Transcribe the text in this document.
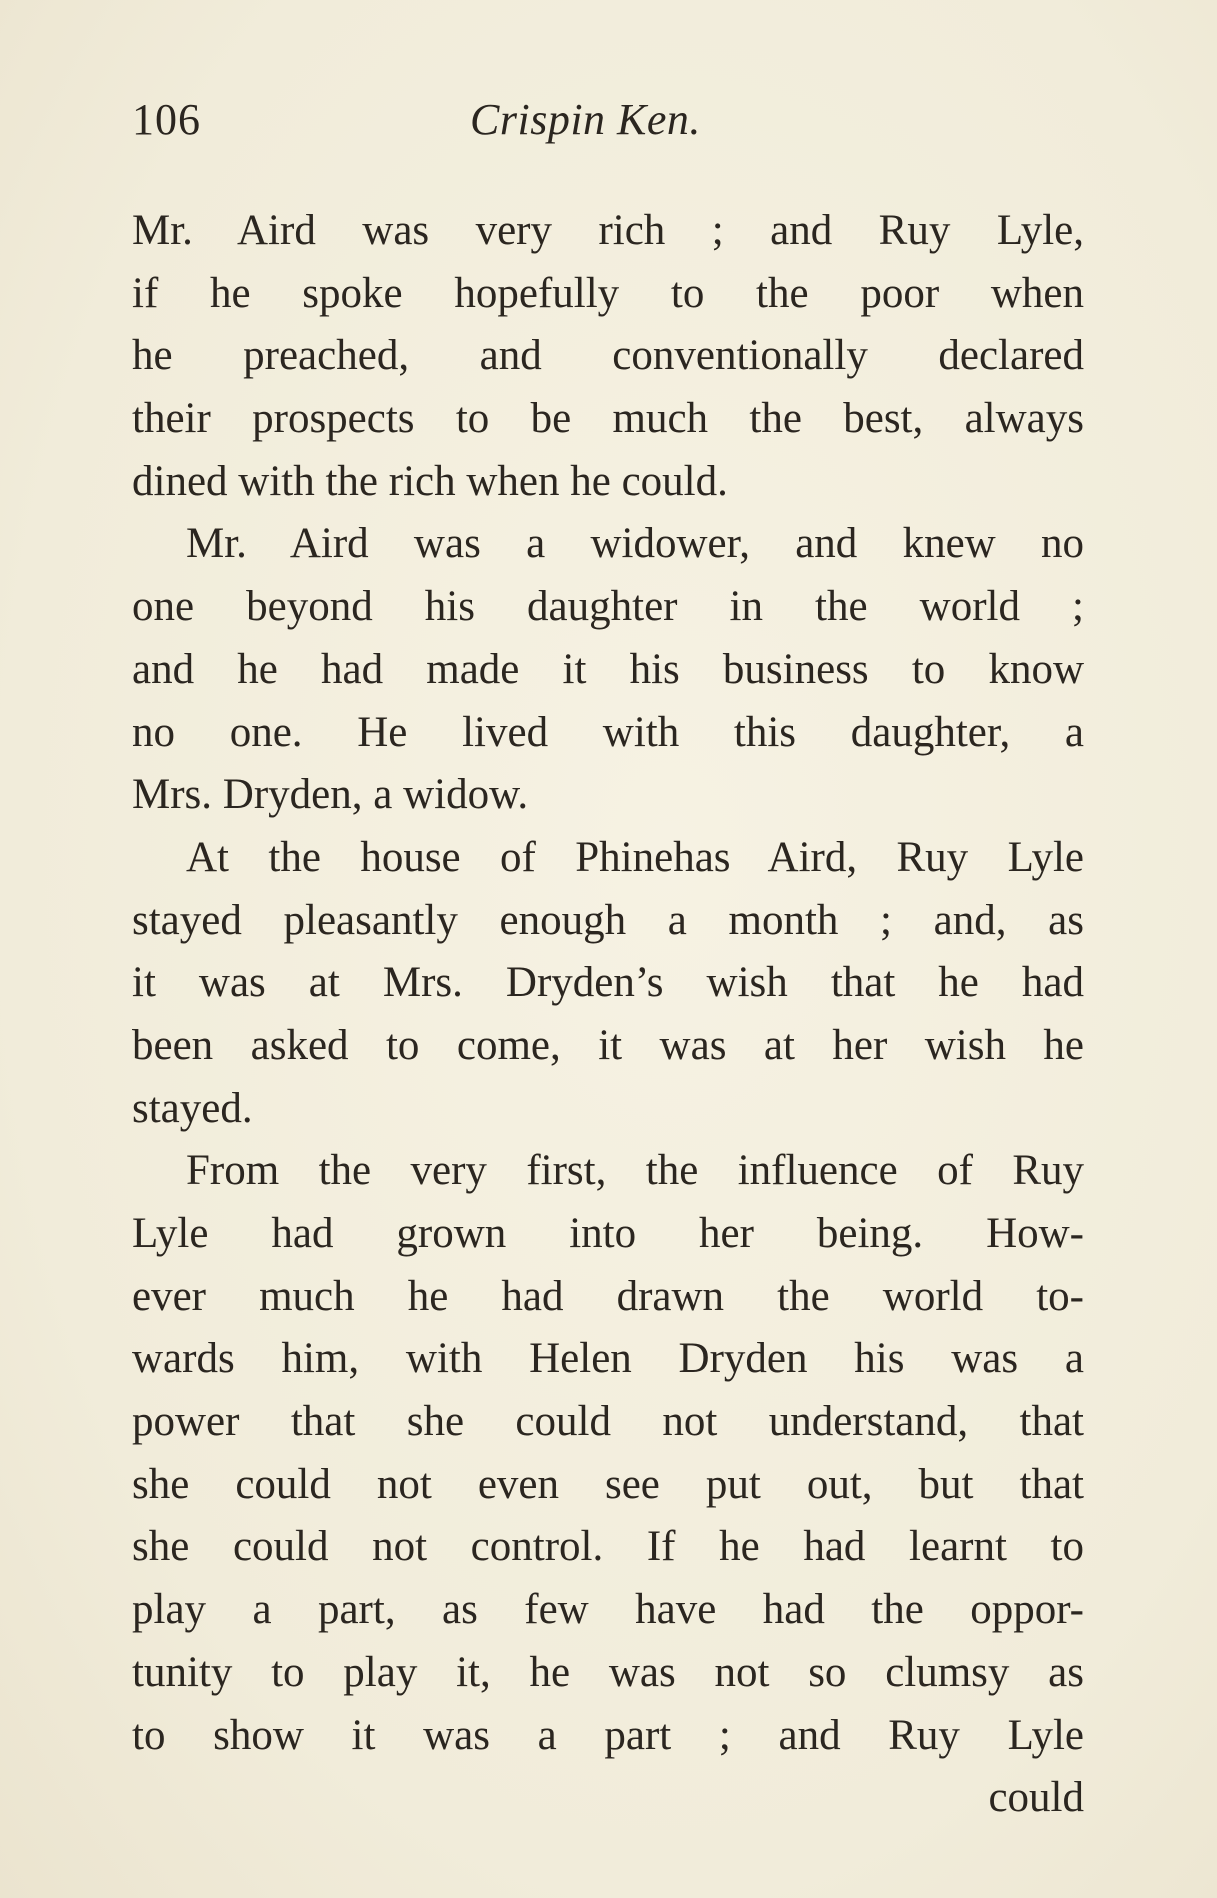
106	Crispin Ken.
Mr. Aird was very rich ; and Ruy Lyle,
if he spoke hopefully to the poor when
he preached, and conventionally declared
their prospects to be much the best, always
dined with the rich when he could.
Mr. Aird was a widower, and knew no
one beyond his daughter in the world ;
and he had made it his business to know
no one. He lived with this daughter, a
Mrs. Dryden, a widow.
At the house of Phinehas Aird, Ruy Lyle
stayed pleasantly enough a month ; and, as
it was at Mrs. Dryden’s wish that he had
been asked to come, it was at her wish he
stayed.
From the very first, the influence of Ruy
Lyle had grown into her being. How-
ever much he had drawn the world to-
wards him, with Helen Dryden his was a
power that she could not understand, that
she could not even see put out, but that
she could not control. If he had learnt to
play a part, as few have had the oppor-
tunity to play it, he was not so clumsy as
to show it was a part ; and Ruy Lyle
could
